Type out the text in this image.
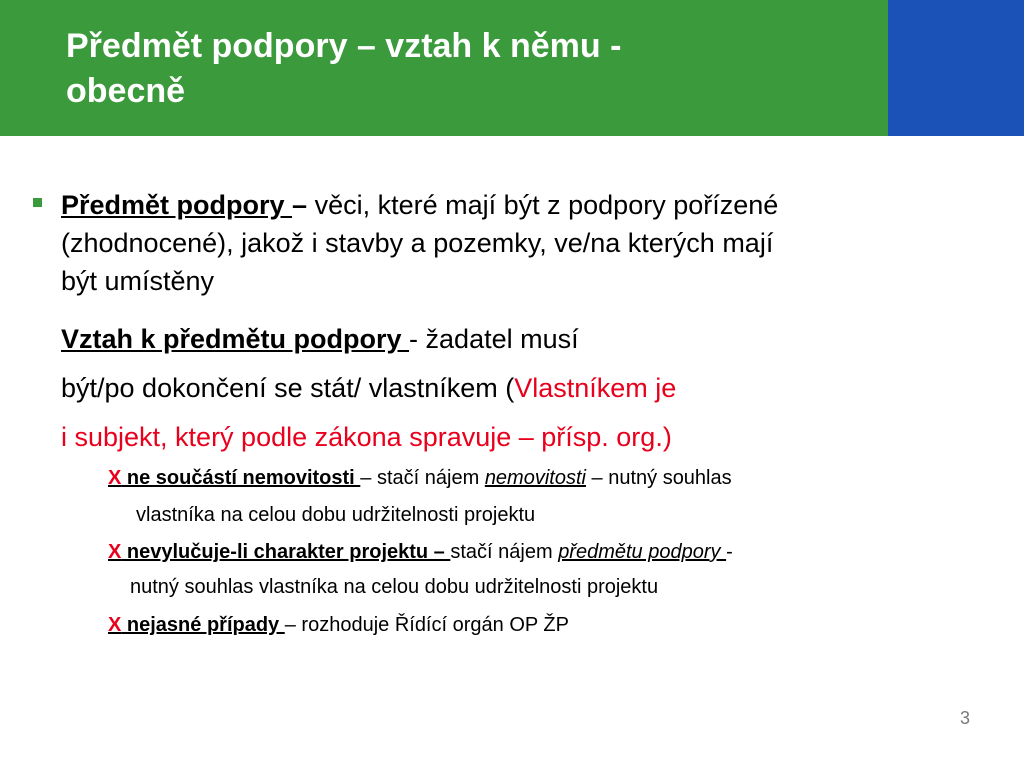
Předmět podpory – vztah k němu -
obecně
Předmět podpory – věci, které mají být z podpory pořízené
(zhodnocené), jakož i stavby a pozemky, ve/na kterých mají
být umístěny
Vztah k předmětu podpory - žadatel musí
být/po dokončení se stát/ vlastníkem (Vlastníkem je
i subjekt, který podle zákona spravuje – přísp. org.)
X ne součástí nemovitosti – stačí nájem nemovitosti – nutný souhlas
vlastníka na celou dobu udržitelnosti projektu
X nevylučuje-li charakter projektu – stačí nájem předmětu podpory -
nutný souhlas vlastníka na celou dobu udržitelnosti projektu
X nejasné případy – rozhoduje Řídící orgán OP ŽP
3
